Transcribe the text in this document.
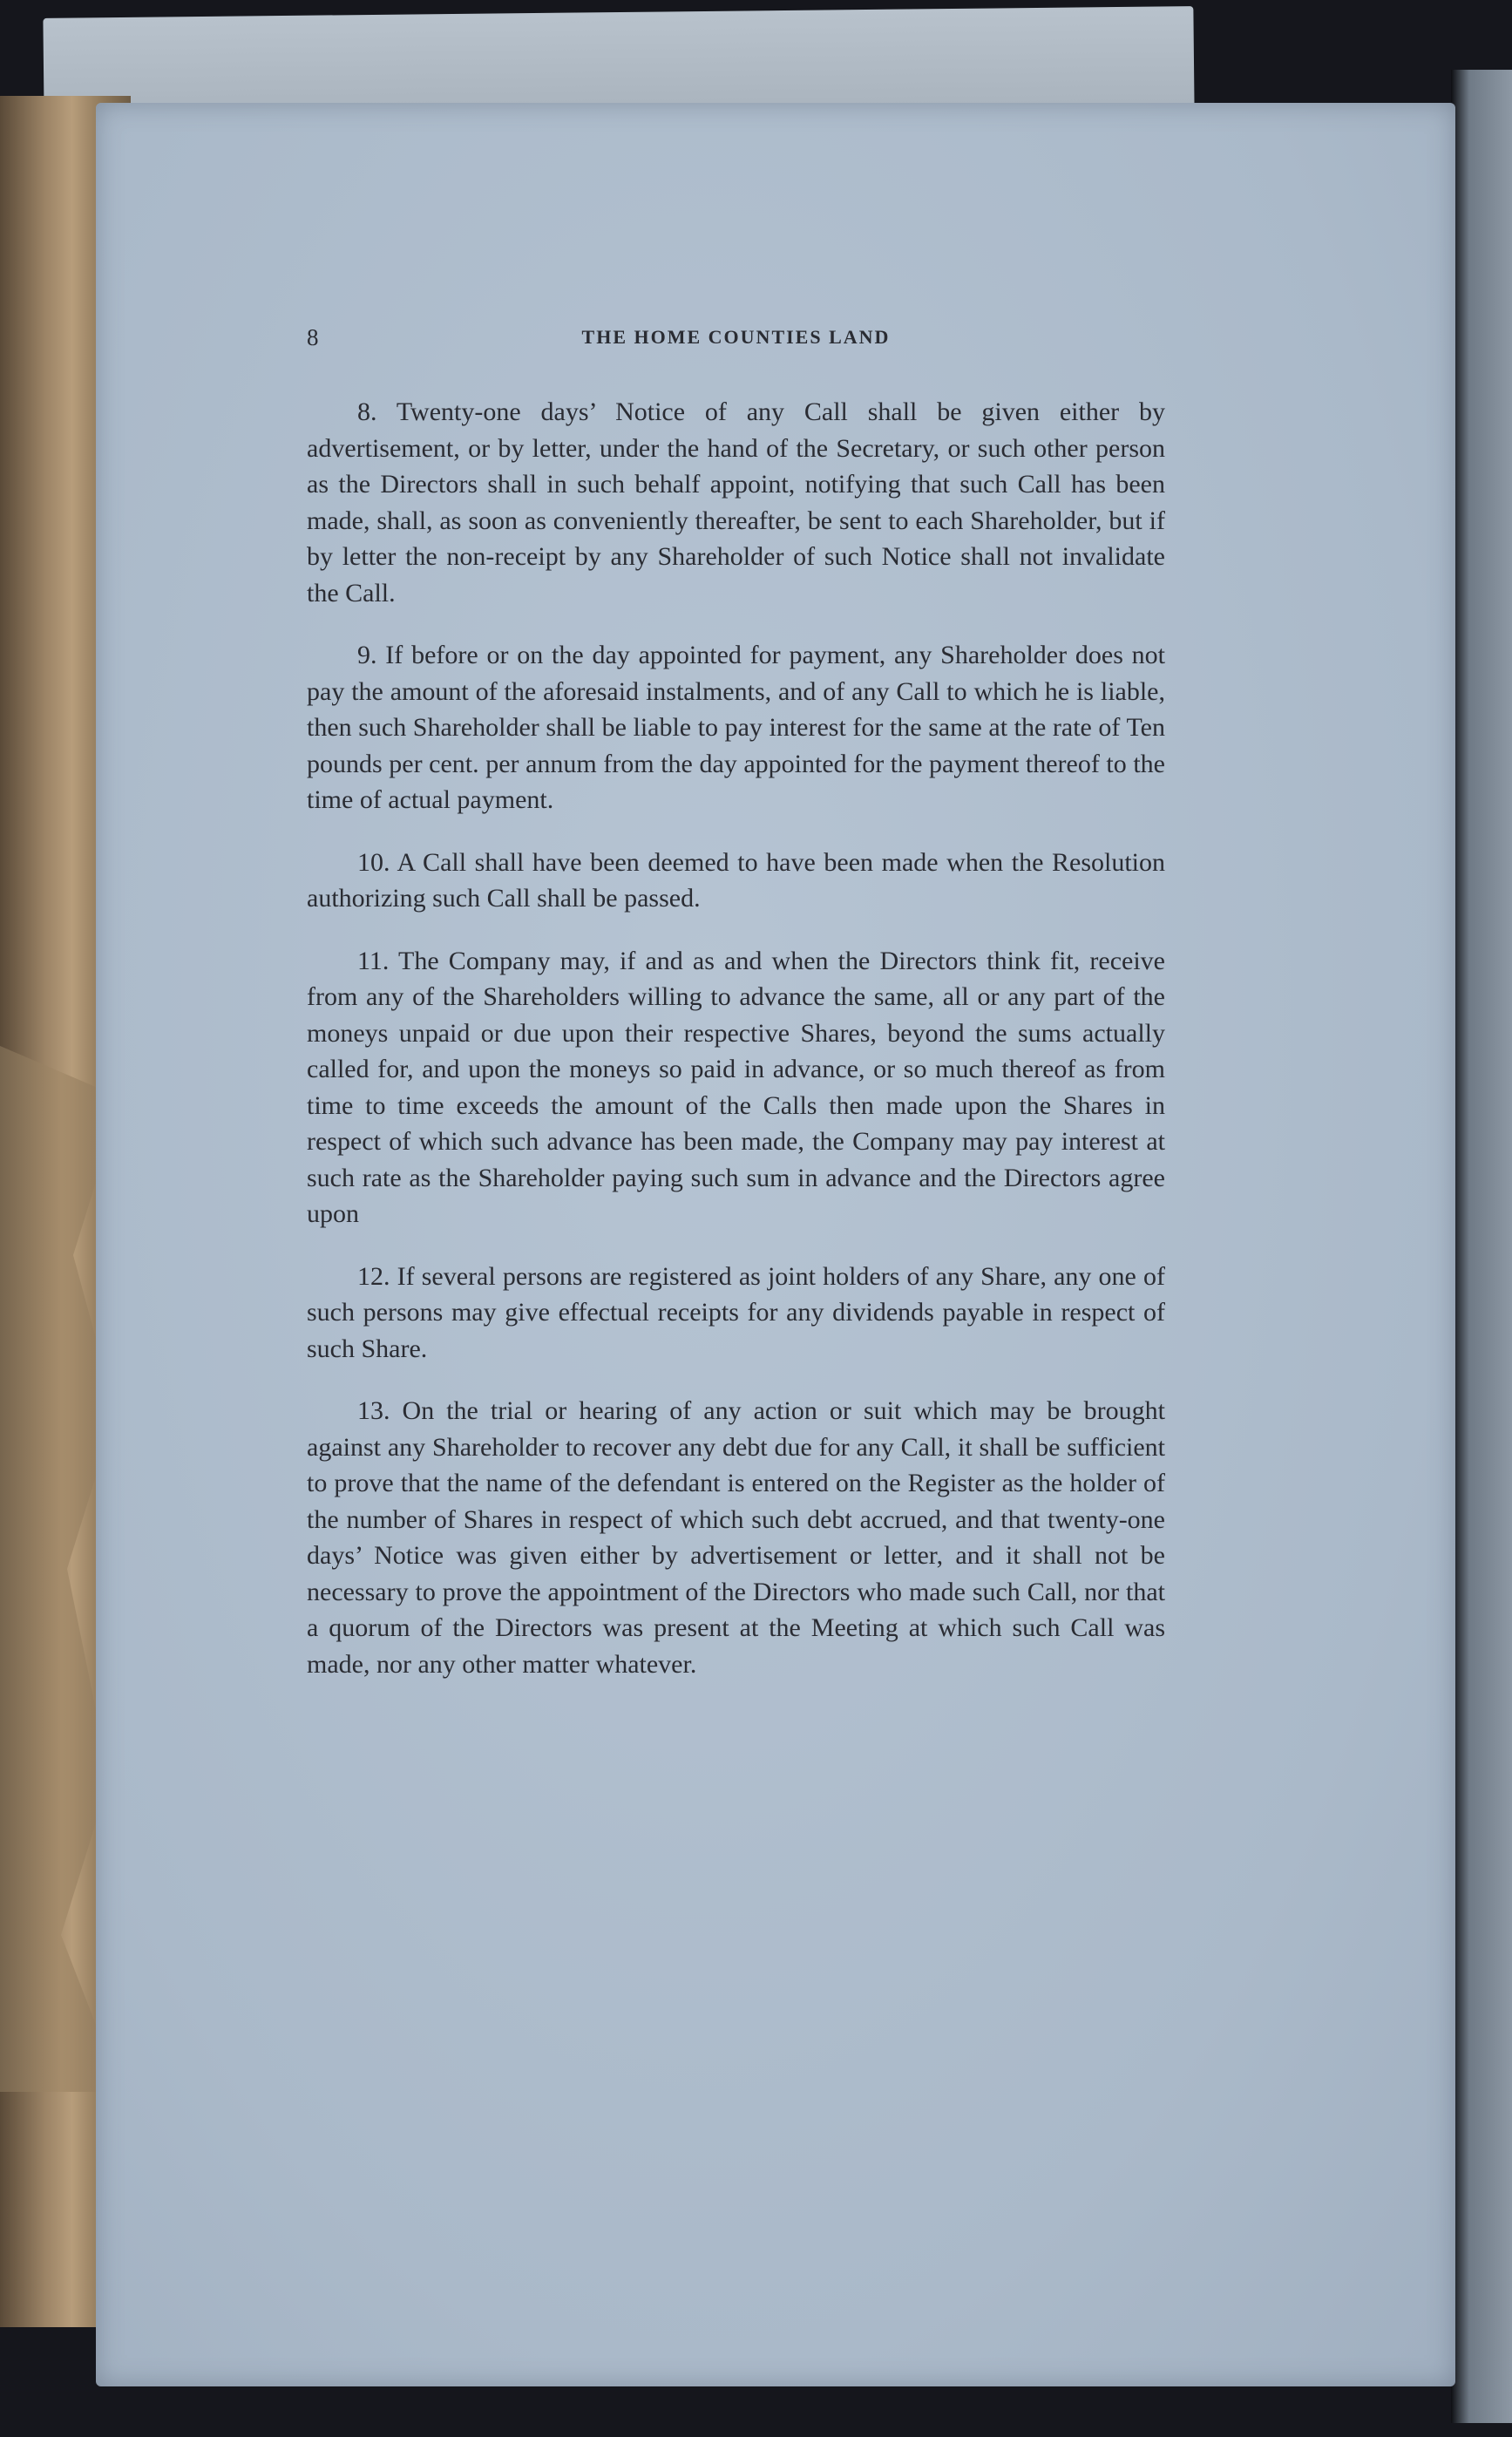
8	THE HOME COUNTIES LAND

8. Twenty-one days’ Notice of any Call shall be given either by advertisement, or by letter, under the hand of the Secretary, or such other person as the Directors shall in such behalf appoint, notifying that such Call has been made, shall, as soon as conveniently thereafter, be sent to each Shareholder, but if by letter the non-receipt by any Shareholder of such Notice shall not invalidate the Call.

9. If before or on the day appointed for payment, any Shareholder does not pay the amount of the aforesaid instalments, and of any Call to which he is liable, then such Shareholder shall be liable to pay interest for the same at the rate of Ten pounds per cent. per annum from the day appointed for the payment thereof to the time of actual payment.

10. A Call shall have been deemed to have been made when the Resolution authorizing such Call shall be passed.

11. The Company may, if and as and when the Directors think fit, receive from any of the Shareholders willing to advance the same, all or any part of the moneys unpaid or due upon their respective Shares, beyond the sums actually called for, and upon the moneys so paid in advance, or so much thereof as from time to time exceeds the amount of the Calls then made upon the Shares in respect of which such advance has been made, the Company may pay interest at such rate as the Shareholder paying such sum in advance and the Directors agree upon

12. If several persons are registered as joint holders of any Share, any one of such persons may give effectual receipts for any dividends payable in respect of such Share.

13. On the trial or hearing of any action or suit which may be brought against any Shareholder to recover any debt due for any Call, it shall be sufficient to prove that the name of the defendant is entered on the Register as the holder of the number of Shares in respect of which such debt accrued, and that twenty-one days’ Notice was given either by advertisement or letter, and it shall not be necessary to prove the appointment of the Directors who made such Call, nor that a quorum of the Directors was present at the Meeting at which such Call was made, nor any other matter whatever.
